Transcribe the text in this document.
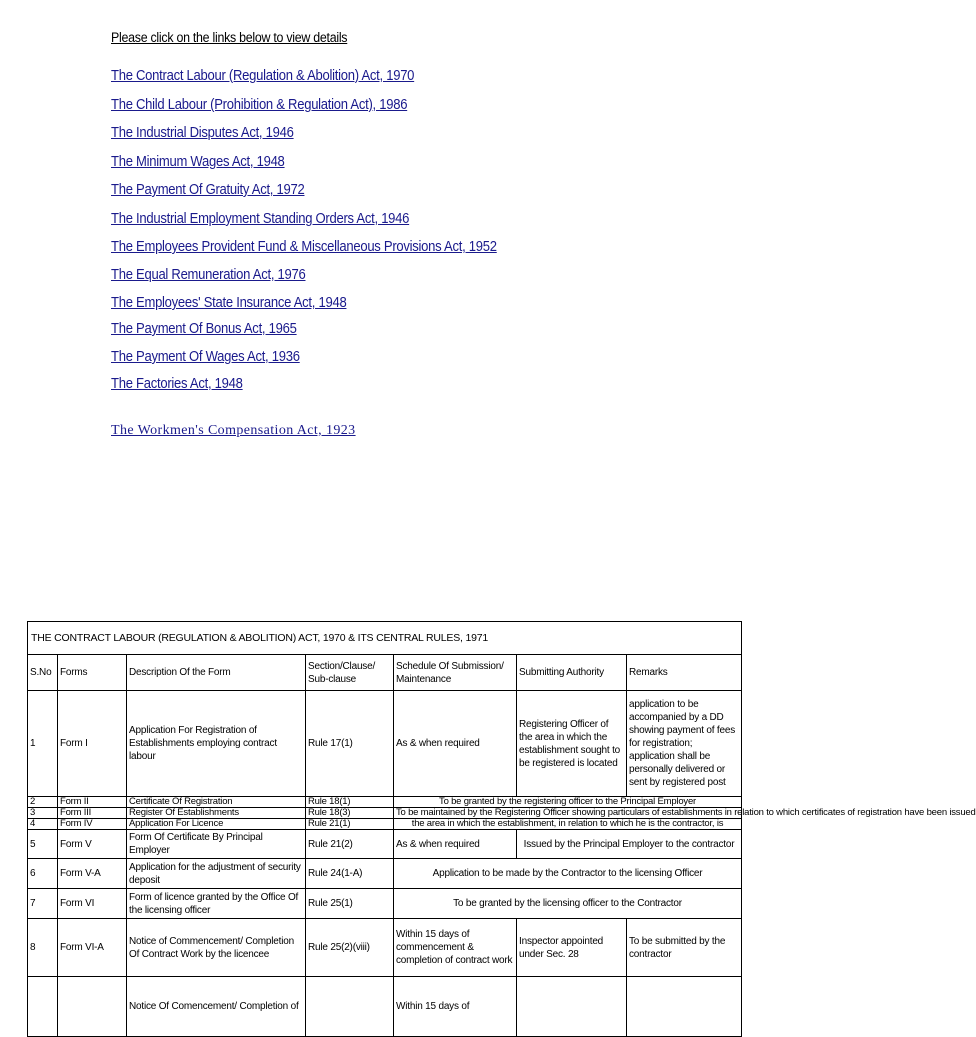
Please click on the links below to view details
The Contract Labour (Regulation & Abolition) Act, 1970
The Child Labour (Prohibition & Regulation Act), 1986
The Industrial Disputes Act, 1946
The Minimum Wages Act, 1948
The Payment Of Gratuity Act, 1972
The Industrial Employment Standing Orders Act, 1946
The Employees Provident Fund & Miscellaneous Provisions Act, 1952
The Equal Remuneration Act, 1976
The Employees' State Insurance Act, 1948
The Payment Of Bonus Act, 1965
The Payment Of Wages Act, 1936
The Factories Act, 1948
The Workmen's Compensation Act, 1923
THE CONTRACT LABOUR (REGULATION & ABOLITION) ACT, 1970 & ITS CENTRAL RULES, 1971						

S.No	Forms	Description Of the Form	Section/Clause/ Sub-clause	Schedule Of Submission/ Maintenance	Submitting Authority	Remarks

1	Form I	Application For Registration of Establishments employing contract labour	Rule 17(1)	As & when required	Registering Officer of the area in which the establishment sought to be registered is located	application to be accompanied by a DD showing payment of fees for registration; application shall be personally delivered or sent by registered post

2	Form II	Certificate Of Registration	Rule 18(1)	To be granted by the registering officer to the Principal Employer		

3	Form III	Register Of Establishments	Rule 18(3)	To be maintained by the Registering Officer showing particulars of establishments in relation to which certificates of registration have been issued		

4	Form IV	Application For Licence	Rule 21(1)	the area in which the establishment, in relation to which he is the contractor, is		

5	Form V	Form Of Certificate By Principal Employer	Rule 21(2)	As & when required	Issued by the Principal Employer to the contractor	

6	Form V-A	Application for the adjustment of security deposit	Rule 24(1-A)	Application to be made by the Contractor to the licensing Officer		

7	Form VI	Form of licence granted by the Office Of the licensing officer	Rule 25(1)	To be granted by the licensing officer to the Contractor		

8	Form VI-A	Notice of Commencement/ Completion Of Contract Work by the licencee	Rule 25(2)(viii)	Within 15 days of commencement & completion of contract work	Inspector appointed under Sec. 28	To be submitted by the contractor

		Notice Of Comencement/ Completion of		Within 15 days of		
